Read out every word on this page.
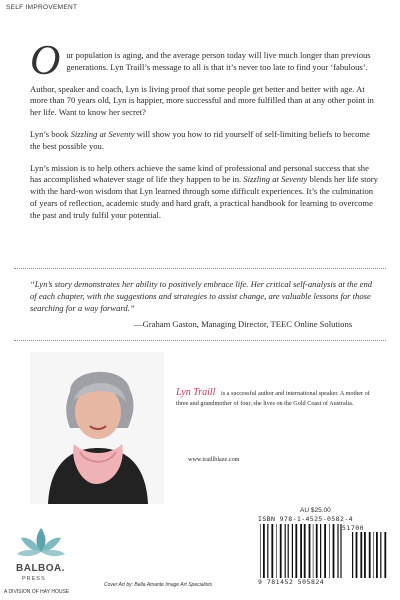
SELF IMPROVEMENT

O ur population is aging, and the average person today will live much longer than previous generations. Lyn Traill’s message to all is that it’s never too late to find your ‘fabulous’.

Author, speaker and coach, Lyn is living proof that some people get better and better with age. At more than 70 years old, Lyn is happier, more successful and more fulfilled than at any other point in her life. Want to know her secret?

Lyn’s book Sizzling at Seventy will show you how to rid yourself of self-limiting beliefs to become the best possible you.

Lyn’s mission is to help others achieve the same kind of professional and personal success that she has accomplished whatever stage of life they happen to be in. Sizzling at Seventy blends her life story with the hard-won wisdom that Lyn learned through some difficult experiences. It’s the culmination of years of reflection, academic study and hard graft, a practical handbook for learning to overcome the past and truly fulfil your potential.

“Lyn’s story demonstrates her ability to positively embrace life. Her critical self-analysis at the end of each chapter, with the suggestions and strategies to assist change, are valuable lessons for those searching for a way forward.”
—Graham Gaston, Managing Director, TEEC Online Solutions
Lyn Traill is a successful author and international speaker. A mother of three and grandmother of four, she lives on the Gold Coast of Australia.
www.traillblaze.com
AU $25.00
ISBN 978-1-4525-0582-4
51700
9 781452 505824
BALBOA.
PRESS
A DIVISION OF HAY HOUSE
Cover Art by: Bella Amante Image Art Specialists
